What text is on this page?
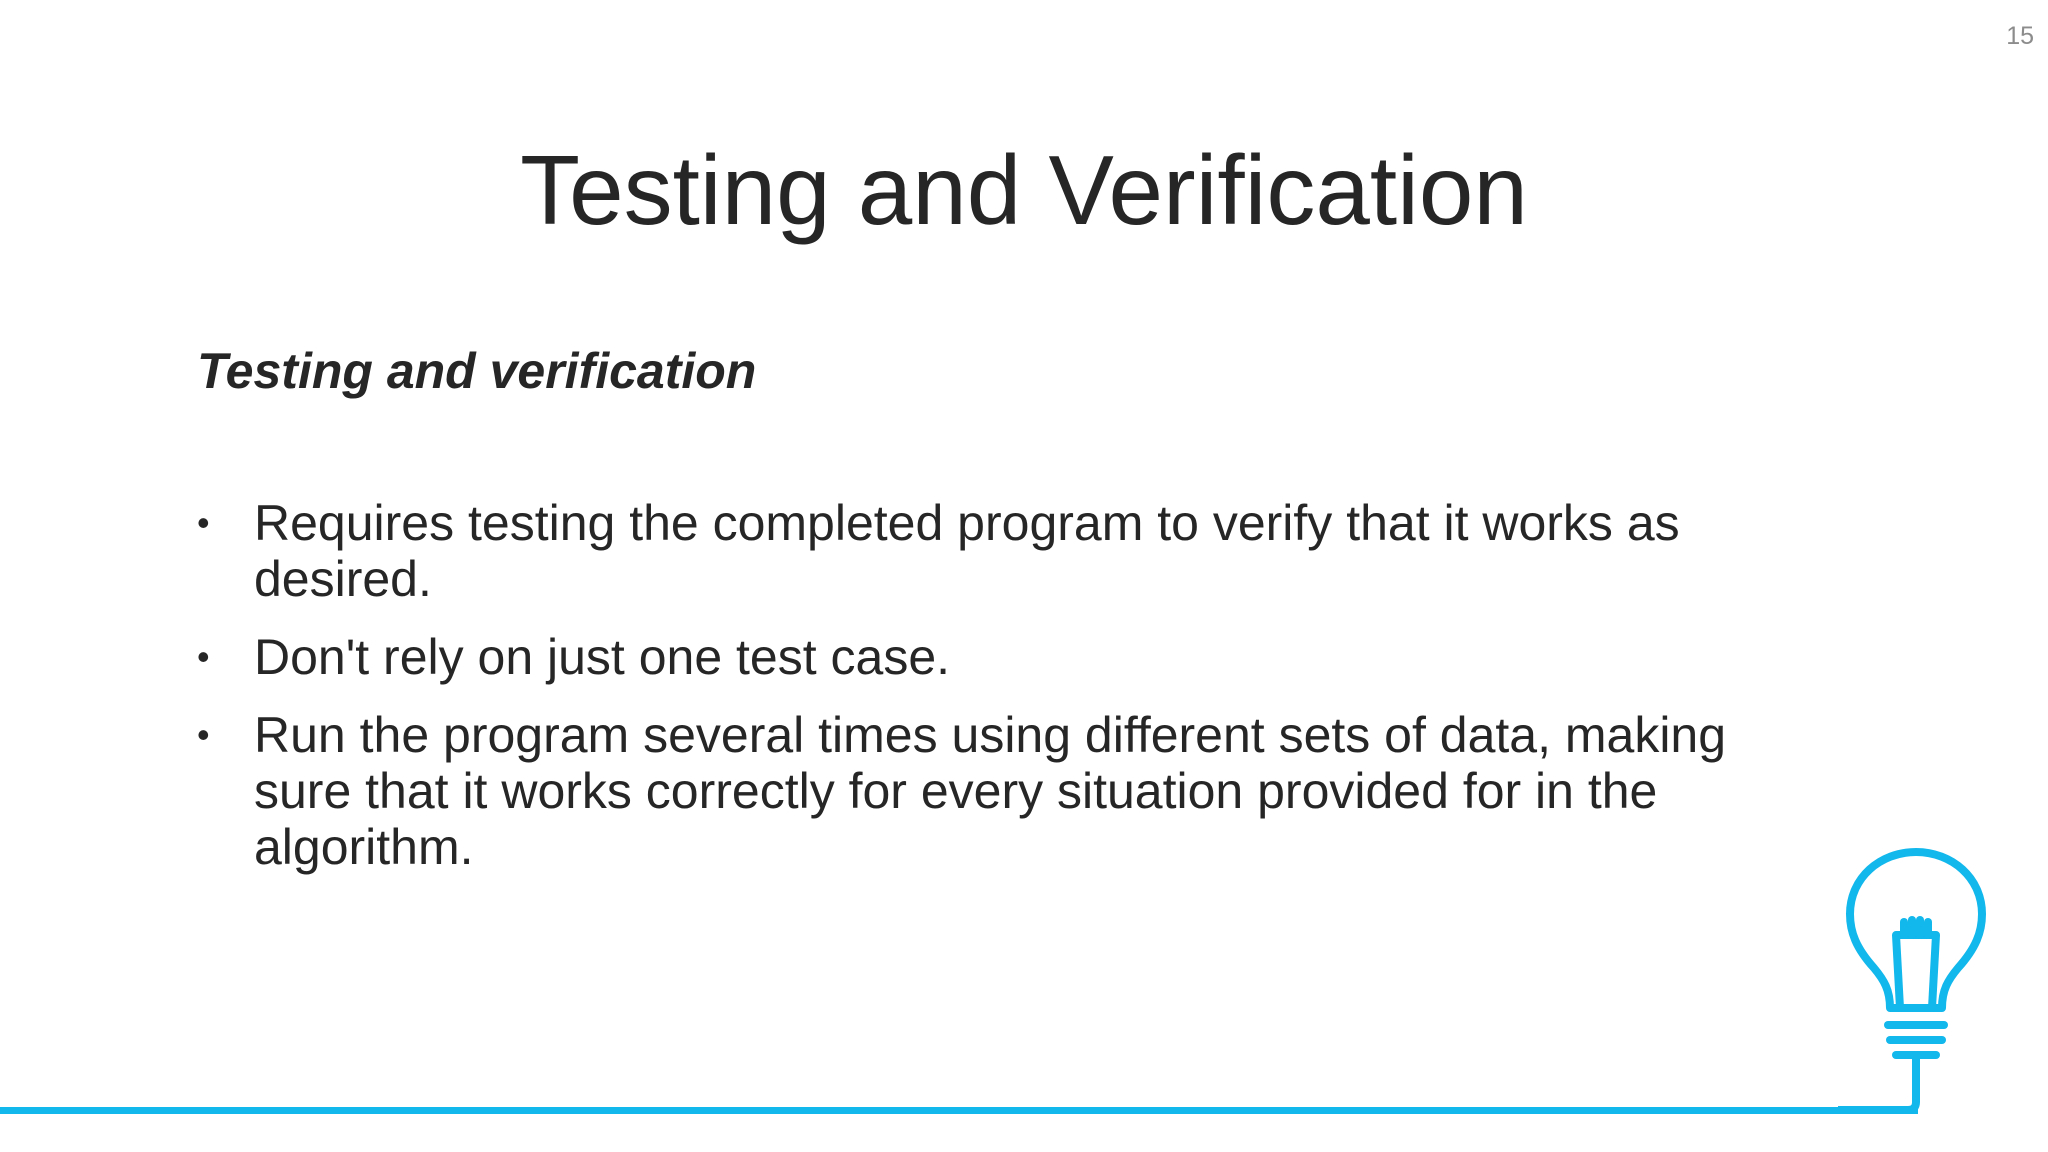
15
Testing and Verification
Testing and verification
• Requires testing the completed program to verify that it works as desired.
• Don't rely on just one test case.
• Run the program several times using different sets of data, making sure that it works correctly for every situation provided for in the algorithm.
